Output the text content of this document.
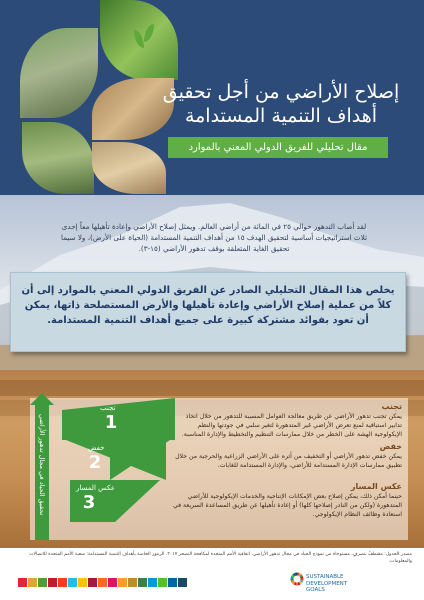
إصلاح الأراضي من أجل تحقيق
أهداف التنمية المستدامة
مقال تحليلي للفريق الدولي المعني بالموارد

لقد أصاب التدهور حوالي ٢٥ في المائة من أراضي العالم. ويمثل إصلاح الأراضي وإعادة تأهيلها معاً إحدى ثلاث استراتيجيات أساسية لتحقيق الهدف ١٥ من أهداف التنمية المستدامة (الحياة على الأرض)، ولا سيما تحقيق الغاية المتعلقة بوقف تدهور الأراضي (١٥-٣).

يخلص هذا المقال التحليلي الصادر عن الفريق الدولي المعني بالموارد إلى أن كلاً من عملية إصلاح الأراضي وإعادة تأهيلها والأرض المستصلحة ذاتها، يمكن أن تعود بفوائد مشتركة كبيرة على جميع أهداف التنمية المستدامة.

تحقيق الحياد في مجال تدهور الأراضي
تجنب
1
خفض
2
عكس المسار
3
تجنب
يمكن تجنب تدهور الأراضي عن طريق معالجة العوامل المسببة للتدهور من خلال اتخاذ تدابير استباقية لمنع تعرض الأراضي غير المتدهورة لتغير سلبي في جودتها والنظم الإيكولوجية الهشة على الخطر من خلال ممارسات التنظيم والتخطيط والإدارة المناسبة.
خفض
يمكن خفض تدهور الأراضي أو التخفيف من أثره على الأراضي الزراعية والحرجية من خلال تطبيق ممارسات الإدارة المستدامة للأراضي، والإدارة المستدامة للغابات.
عكس المسار
حينما أمكن ذلك، يمكن إصلاح بعض الإمكانات الإنتاجية والخدمات الإيكولوجية للأراضي المتدهورة (ولكن من النادر إصلاحها كلها) أو إعادة تأهيلها عن طريق المساعدة السريعة في استعادة وظائف النظام الإيكولوجي.

مصدر الجدول: مقتطفٌ بتصرفٍ، مستوحاة من نموذج الحياد في مجال تدهور الأراضي، اتفاقية الأمم المتحدة لمكافحة التصحر ٢٠١٧. الرموز الخاصة بأهداف التنمية المستدامة: شعبة الأمم المتحدة للاتصالات والمعلومات.

SUSTAINABLE DEVELOPMENT GOALS
